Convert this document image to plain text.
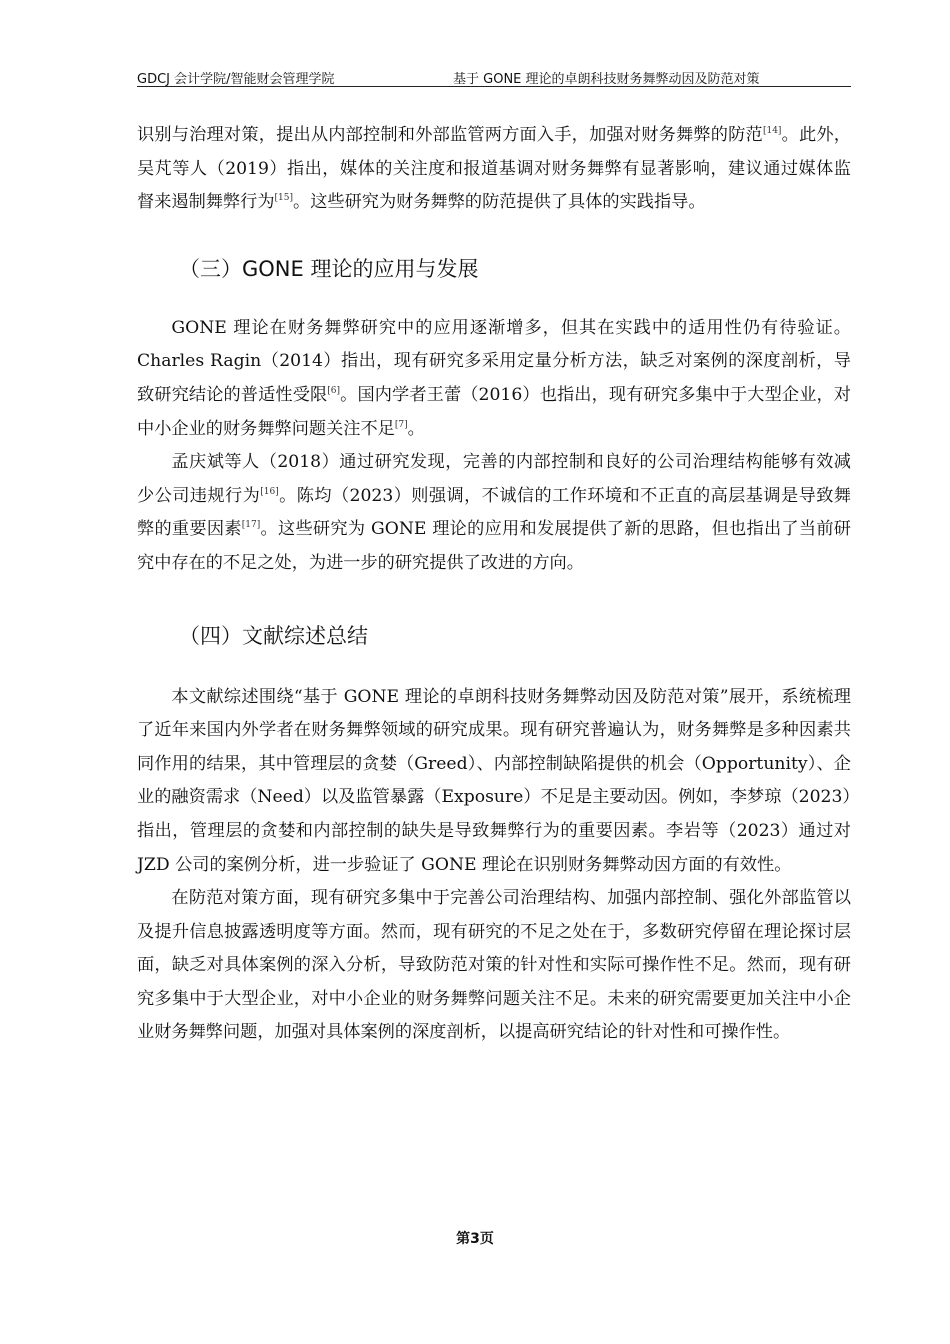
GDCJ 会计学院/智能财会管理学院	基于 GONE 理论的卓朗科技财务舞弊动因及防范对策

识别与治理对策，提出从内部控制和外部监管两方面入手，加强对财务舞弊的防范[14]。此外，吴芃等人（2019）指出，媒体的关注度和报道基调对财务舞弊有显著影响，建议通过媒体监督来遏制舞弊行为[15]。这些研究为财务舞弊的防范提供了具体的实践指导。

（三）GONE 理论的应用与发展

GONE 理论在财务舞弊研究中的应用逐渐增多，但其在实践中的适用性仍有待验证。Charles Ragin（2014）指出，现有研究多采用定量分析方法，缺乏对案例的深度剖析，导致研究结论的普适性受限[6]。国内学者王蕾（2016）也指出，现有研究多集中于大型企业，对中小企业的财务舞弊问题关注不足[7]。

孟庆斌等人（2018）通过研究发现，完善的内部控制和良好的公司治理结构能够有效减少公司违规行为[16]。陈均（2023）则强调，不诚信的工作环境和不正直的高层基调是导致舞弊的重要因素[17]。这些研究为 GONE 理论的应用和发展提供了新的思路，但也指出了当前研究中存在的不足之处，为进一步的研究提供了改进的方向。

（四）文献综述总结

本文献综述围绕“基于 GONE 理论的卓朗科技财务舞弊动因及防范对策”展开，系统梳理了近年来国内外学者在财务舞弊领域的研究成果。现有研究普遍认为，财务舞弊是多种因素共同作用的结果，其中管理层的贪婪（Greed）、内部控制缺陷提供的机会（Opportunity）、企业的融资需求（Need）以及监管暴露（Exposure）不足是主要动因。例如，李梦琼（2023）指出，管理层的贪婪和内部控制的缺失是导致舞弊行为的重要因素。李岩等（2023）通过对 JZD 公司的案例分析，进一步验证了 GONE 理论在识别财务舞弊动因方面的有效性。

在防范对策方面，现有研究多集中于完善公司治理结构、加强内部控制、强化外部监管以及提升信息披露透明度等方面。然而，现有研究的不足之处在于，多数研究停留在理论探讨层面，缺乏对具体案例的深入分析，导致防范对策的针对性和实际可操作性不足。然而，现有研究多集中于大型企业，对中小企业的财务舞弊问题关注不足。未来的研究需要更加关注中小企业财务舞弊问题，加强对具体案例的深度剖析，以提高研究结论的针对性和可操作性。

第3页
